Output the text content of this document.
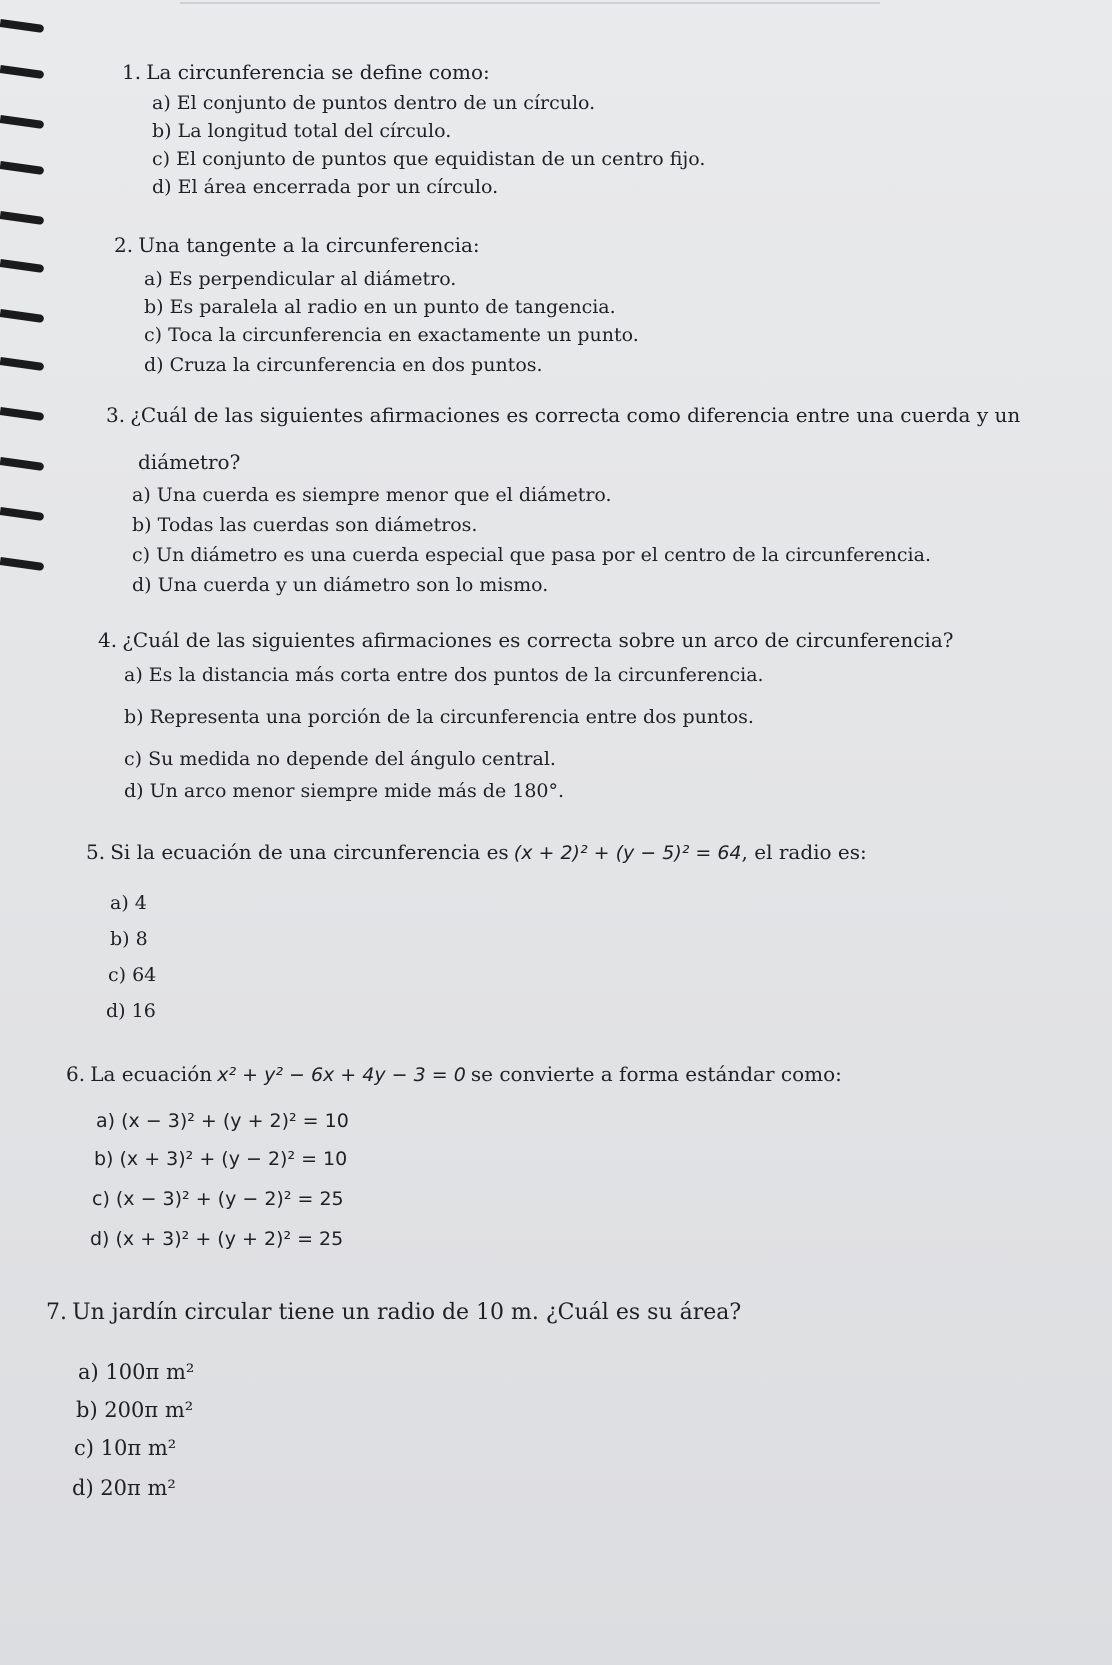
1. La circunferencia se define como:
a) El conjunto de puntos dentro de un círculo.
b) La longitud total del círculo.
c) El conjunto de puntos que equidistan de un centro fijo.
d) El área encerrada por un círculo.
2. Una tangente a la circunferencia:
a) Es perpendicular al diámetro.
b) Es paralela al radio en un punto de tangencia.
c) Toca la circunferencia en exactamente un punto.
d) Cruza la circunferencia en dos puntos.
3. ¿Cuál de las siguientes afirmaciones es correcta como diferencia entre una cuerda y un
diámetro?
a) Una cuerda es siempre menor que el diámetro.
b) Todas las cuerdas son diámetros.
c) Un diámetro es una cuerda especial que pasa por el centro de la circunferencia.
d) Una cuerda y un diámetro son lo mismo.
4. ¿Cuál de las siguientes afirmaciones es correcta sobre un arco de circunferencia?
a) Es la distancia más corta entre dos puntos de la circunferencia.
b) Representa una porción de la circunferencia entre dos puntos.
c) Su medida no depende del ángulo central.
d) Un arco menor siempre mide más de 180°.
5. Si la ecuación de una circunferencia es (x + 2)² + (y − 5)² = 64, el radio es:
a) 4
b) 8
c) 64
d) 16
6. La ecuación x² + y² − 6x + 4y − 3 = 0 se convierte a forma estándar como:
a) (x − 3)² + (y + 2)² = 10
b) (x + 3)² + (y − 2)² = 10
c) (x − 3)² + (y − 2)² = 25
d) (x + 3)² + (y + 2)² = 25
7. Un jardín circular tiene un radio de 10 m. ¿Cuál es su área?
a) 100π m²
b) 200π m²
c) 10π m²
d) 20π m²
